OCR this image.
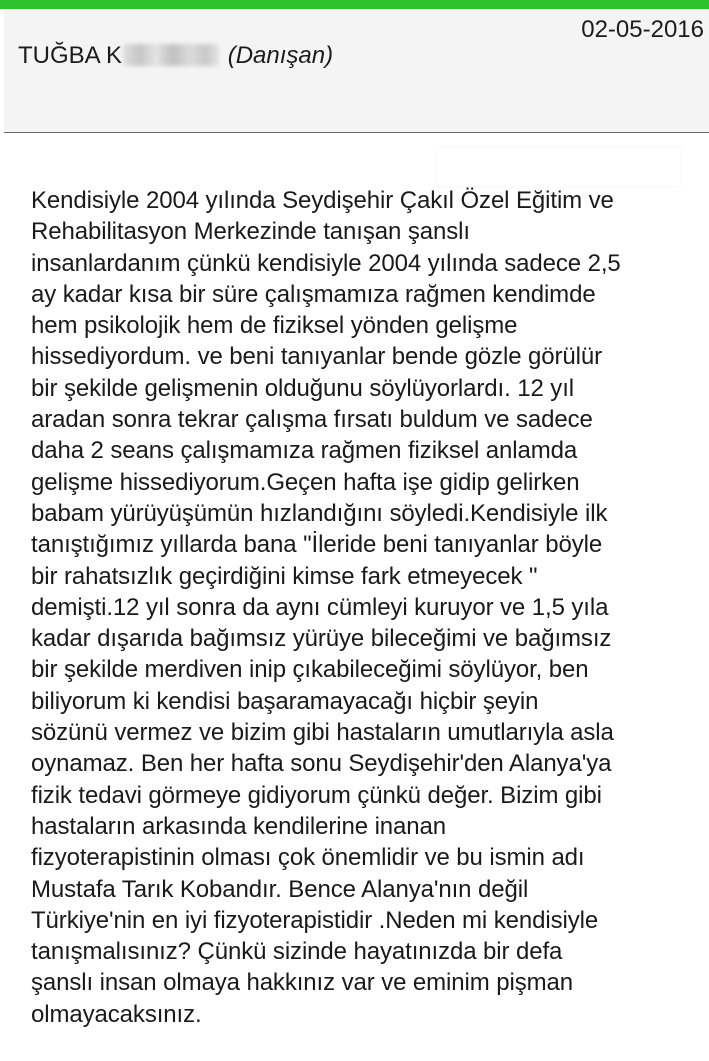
TUĞBA K	(Danışan)
02-05-2016

Kendisiyle 2004 yılında Seydişehir Çakıl Özel Eğitim ve
Rehabilitasyon Merkezinde tanışan şanslı
insanlardanım çünkü kendisiyle 2004 yılında sadece 2,5
ay kadar kısa bir süre çalışmamıza rağmen kendimde
hem psikolojik hem de fiziksel yönden gelişme
hissediyordum. ve beni tanıyanlar bende gözle görülür
bir şekilde gelişmenin olduğunu söylüyorlardı. 12 yıl
aradan sonra tekrar çalışma fırsatı buldum ve sadece
daha 2 seans çalışmamıza rağmen fiziksel anlamda
gelişme hissediyorum.Geçen hafta işe gidip gelirken
babam yürüyüşümün hızlandığını söyledi.Kendisiyle ilk
tanıştığımız yıllarda bana "İleride beni tanıyanlar böyle
bir rahatsızlık geçirdiğini kimse fark etmeyecek "
demişti.12 yıl sonra da aynı cümleyi kuruyor ve 1,5 yıla
kadar dışarıda bağımsız yürüye bileceğimi ve bağımsız
bir şekilde merdiven inip çıkabileceğimi söylüyor, ben
biliyorum ki kendisi başaramayacağı hiçbir şeyin
sözünü vermez ve bizim gibi hastaların umutlarıyla asla
oynamaz. Ben her hafta sonu Seydişehir'den Alanya'ya
fizik tedavi görmeye gidiyorum çünkü değer. Bizim gibi
hastaların arkasında kendilerine inanan
fizyoterapistinin olması çok önemlidir ve bu ismin adı
Mustafa Tarık Kobandır. Bence Alanya'nın değil
Türkiye'nin en iyi fizyoterapistidir .Neden mi kendisiyle
tanışmalısınız? Çünkü sizinde hayatınızda bir defa
şanslı insan olmaya hakkınız var ve eminim pişman
olmayacaksınız.
